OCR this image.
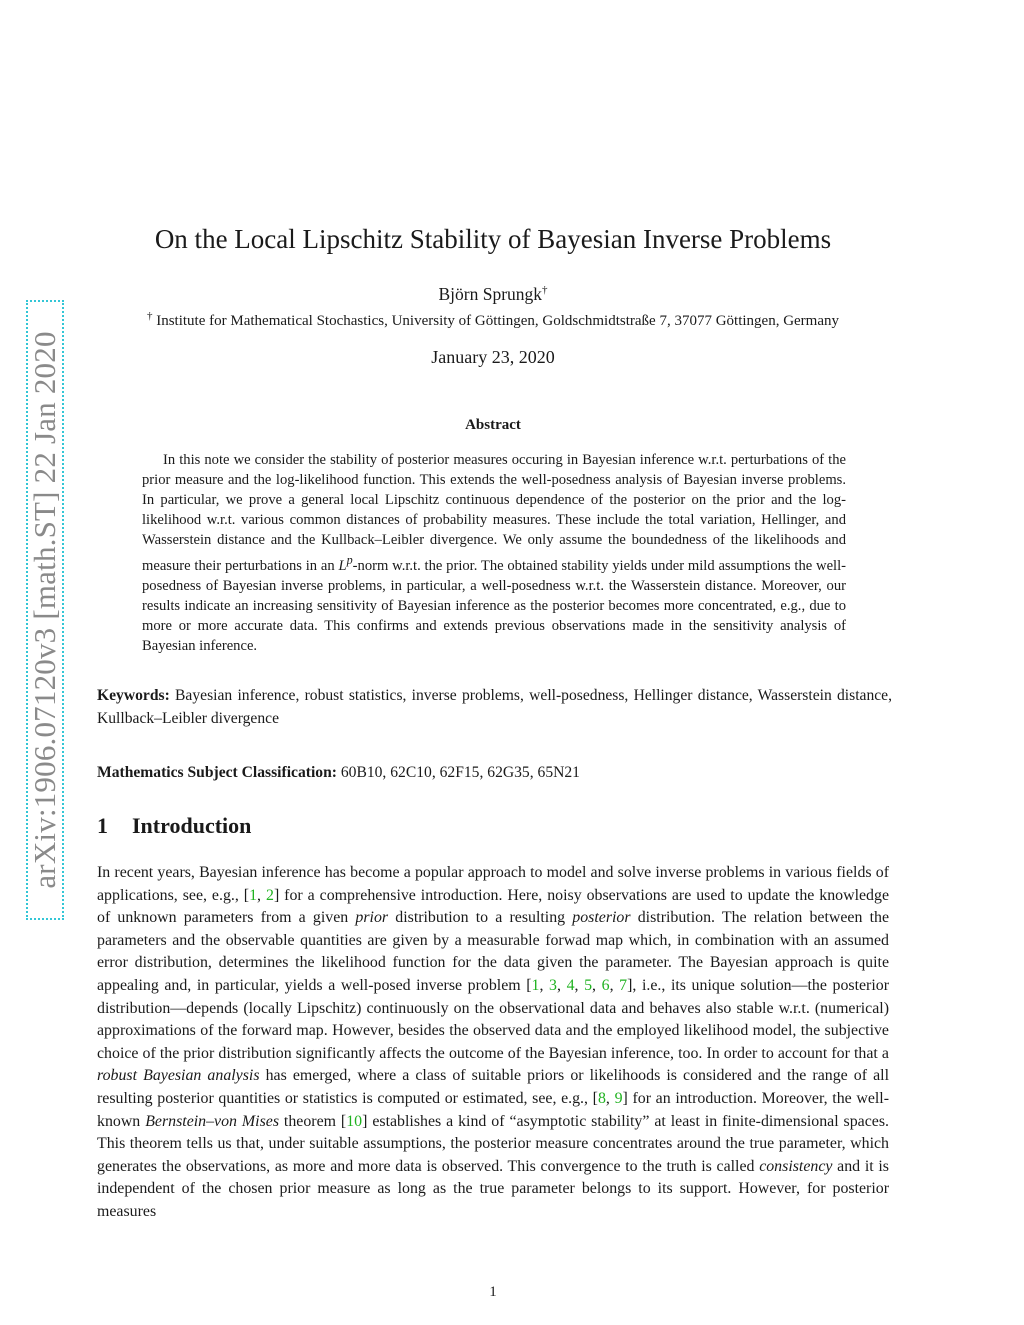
arXiv:1906.07120v3 [math.ST] 22 Jan 2020
On the Local Lipschitz Stability of Bayesian Inverse Problems
Björn Sprungk†
† Institute for Mathematical Stochastics, University of Göttingen, Goldschmidtstraße 7, 37077 Göttingen, Germany
January 23, 2020
Abstract
In this note we consider the stability of posterior measures occuring in Bayesian inference w.r.t. perturbations of the prior measure and the log-likelihood function. This extends the well-posedness analysis of Bayesian inverse problems. In particular, we prove a general local Lipschitz continuous dependence of the posterior on the prior and the log-likelihood w.r.t. various common distances of probability measures. These include the total variation, Hellinger, and Wasserstein distance and the Kullback–Leibler divergence. We only assume the boundedness of the likelihoods and measure their perturbations in an $L^p$-norm w.r.t. the prior. The obtained stability yields under mild assumptions the well-posedness of Bayesian inverse problems, in particular, a well-posedness w.r.t. the Wasserstein distance. Moreover, our results indicate an increasing sensitivity of Bayesian inference as the posterior becomes more concentrated, e.g., due to more or more accurate data. This confirms and extends previous observations made in the sensitivity analysis of Bayesian inference.
Keywords: Bayesian inference, robust statistics, inverse problems, well-posedness, Hellinger distance, Wasserstein distance, Kullback–Leibler divergence
Mathematics Subject Classification: 60B10, 62C10, 62F15, 62G35, 65N21
1 Introduction
In recent years, Bayesian inference has become a popular approach to model and solve inverse problems in various fields of applications, see, e.g., [1, 2] for a comprehensive introduction. Here, noisy observations are used to update the knowledge of unknown parameters from a given prior distribution to a resulting posterior distribution. The relation between the parameters and the observable quantities are given by a measurable forwad map which, in combination with an assumed error distribution, determines the likelihood function for the data given the parameter. The Bayesian approach is quite appealing and, in particular, yields a well-posed inverse problem [1, 3, 4, 5, 6, 7], i.e., its unique solution—the posterior distribution—depends (locally Lipschitz) continuously on the observational data and behaves also stable w.r.t. (numerical) approximations of the forward map. However, besides the observed data and the employed likelihood model, the subjective choice of the prior distribution significantly affects the outcome of the Bayesian inference, too. In order to account for that a robust Bayesian analysis has emerged, where a class of suitable priors or likelihoods is considered and the range of all resulting posterior quantities or statistics is computed or estimated, see, e.g., [8, 9] for an introduction. Moreover, the well-known Bernstein–von Mises theorem [10] establishes a kind of “asymptotic stability” at least in finite-dimensional spaces. This theorem tells us that, under suitable assumptions, the posterior measure concentrates around the true parameter, which generates the observations, as more and more data is observed. This convergence to the truth is called consistency and it is independent of the chosen prior measure as long as the true parameter belongs to its support. However, for posterior measures
1
